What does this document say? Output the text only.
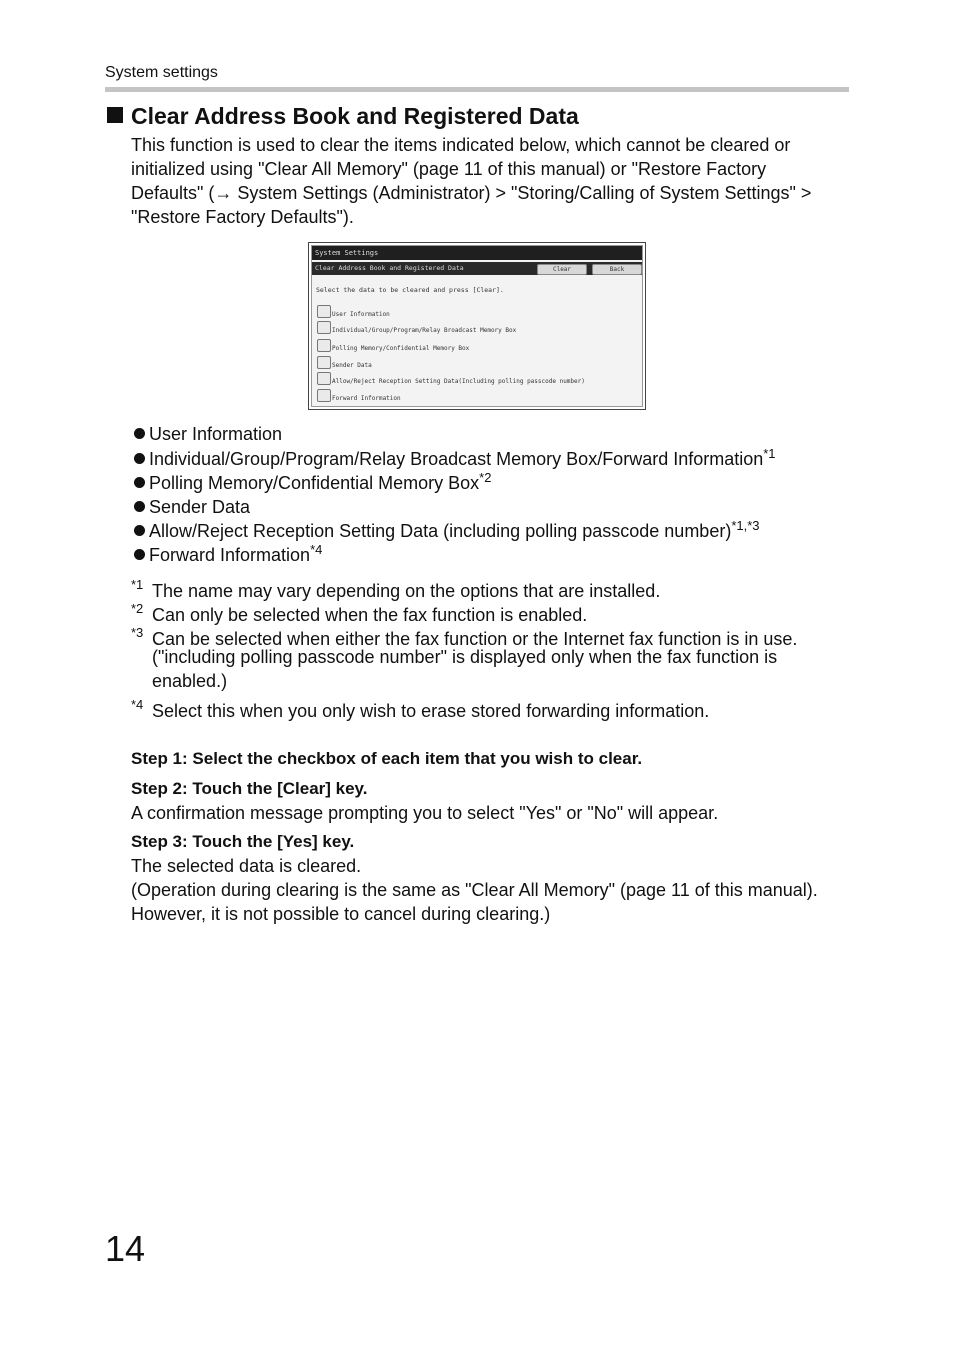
System settings
Clear Address Book and Registered Data

This function is used to clear the items indicated below, which cannot be cleared or

initialized using "Clear All Memory" (page 11 of this manual) or "Restore Factory

Defaults" (→ System Settings (Administrator) > "Storing/Calling of System Settings" >

"Restore Factory Defaults").

System Settings
Clear Address Book and Registered Data	Clear	Back
Select the data to be cleared and press [Clear].
User Information
Individual/Group/Program/Relay Broadcast Memory Box
Polling Memory/Confidential Memory Box
Sender Data
Allow/Reject Reception Setting Data(Including polling passcode number)
Forward Information
User Information
Individual/Group/Program/Relay Broadcast Memory Box/Forward Information$^{*1}$
Polling Memory/Confidential Memory Box$^{*2}$
Sender Data
Allow/Reject Reception Setting Data (including polling passcode number)$^{*1,*3}$
Forward Information$^{*4}$
*1 The name may vary depending on the options that are installed.
*2 Can only be selected when the fax function is enabled.
*3 Can be selected when either the fax function or the Internet fax function is in use.
("including polling passcode number" is displayed only when the fax function is
enabled.)
*4 Select this when you only wish to erase stored forwarding information.
Step 1: Select the checkbox of each item that you wish to clear.
Step 2: Touch the [Clear] key.
A confirmation message prompting you to select "Yes" or "No" will appear.
Step 3: Touch the [Yes] key.
The selected data is cleared.
(Operation during clearing is the same as "Clear All Memory" (page 11 of this manual).
However, it is not possible to cancel during clearing.)
14
